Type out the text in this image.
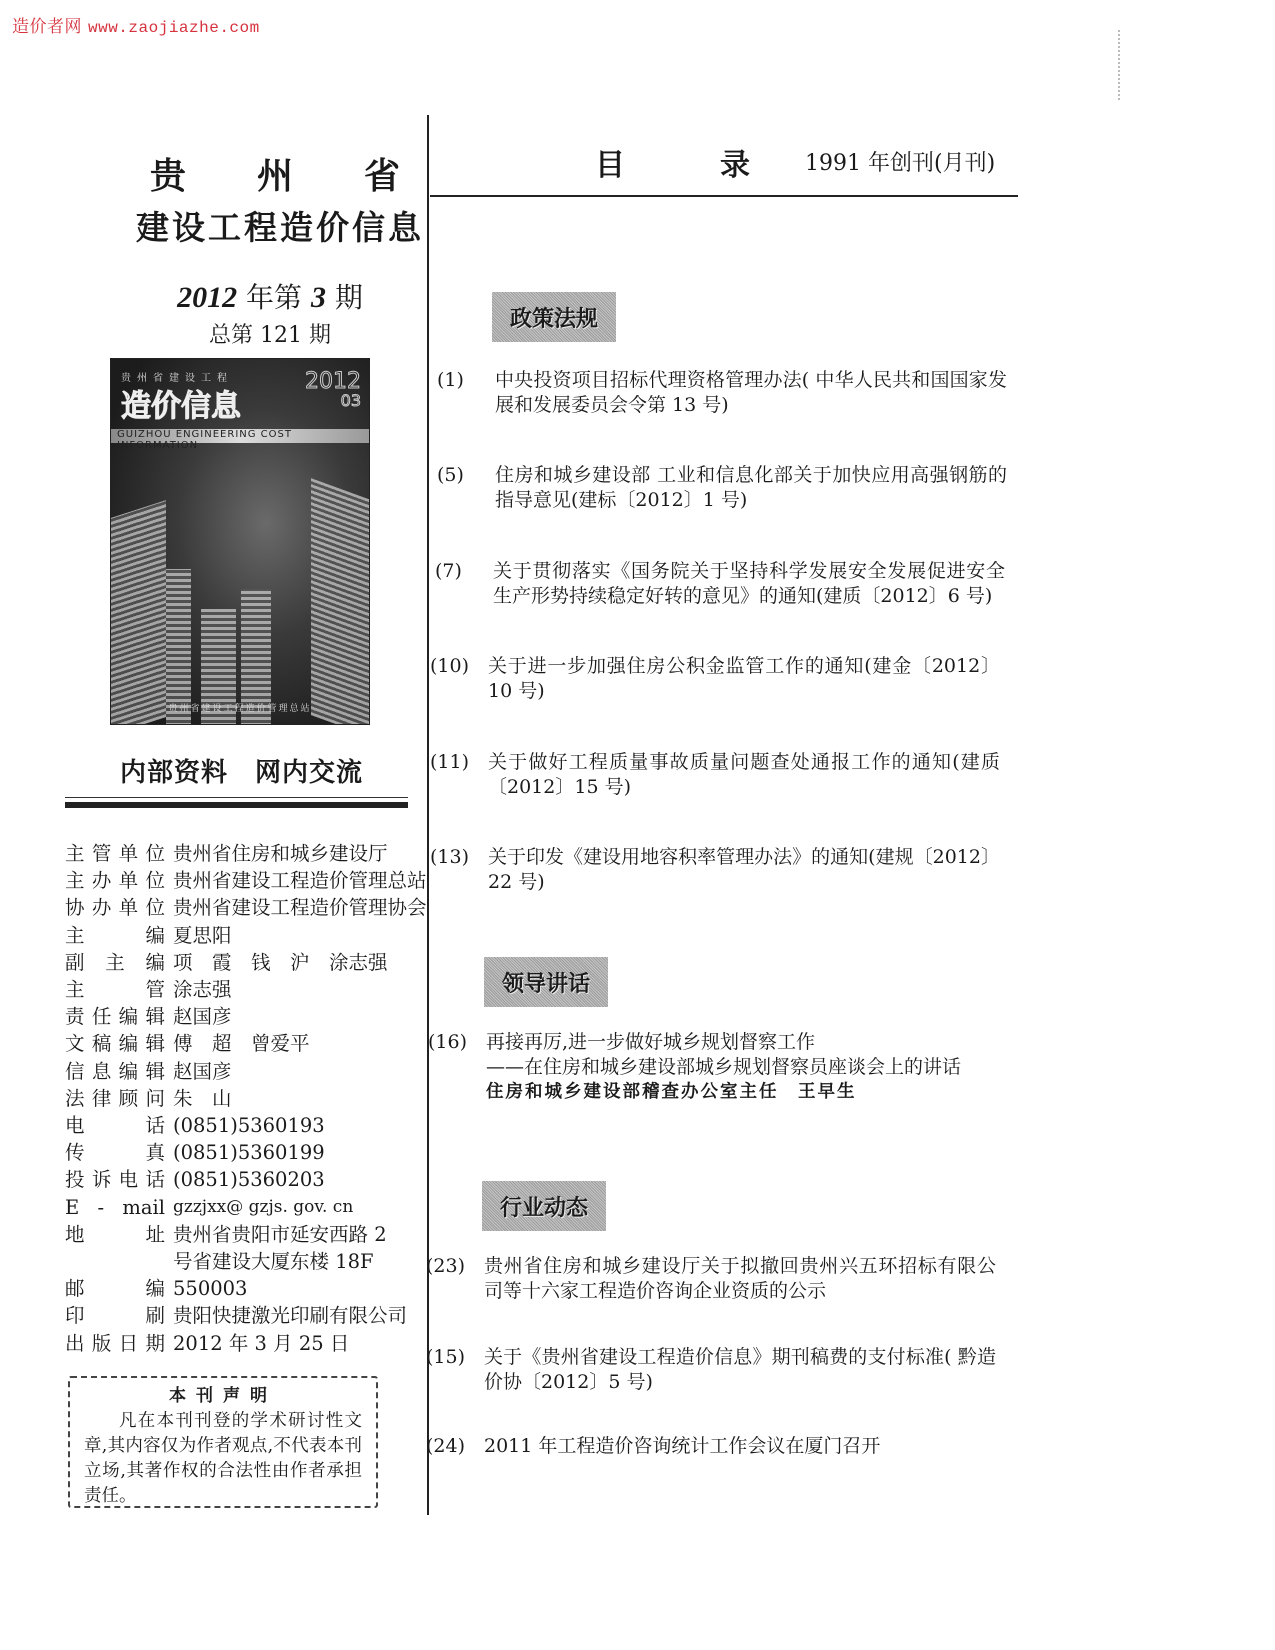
造价者网 www.zaojiazhe.com
贵 州 省
建设工程造价信息
2012 年第 3 期
总第 121 期
贵州省建设工程
造价信息
2012
03
GUIZHOU ENGINEERING COST INFORMATION
贵州省建设工程造价管理总站
内部资料　网内交流
主管单位 贵州省住房和城乡建设厅
主办单位 贵州省建设工程造价管理总站
协办单位 贵州省建设工程造价管理协会
主编 夏思阳
副主编 项　霞　钱　沪　涂志强
主管 涂志强
责任编辑 赵国彦
文稿编辑 傅　超　曾爱平
信息编辑 赵国彦
法律顾问 朱　山
电话 (0851)5360193
传真 (0851)5360199
投诉电话 (0851)5360203
E - mail gzzjxx@ gzjs. gov. cn
地址 贵州省贵阳市延安西路 2
号省建设大厦东楼 18F
邮编 550003
印刷 贵阳快捷激光印刷有限公司
出版日期 2012 年 3 月 25 日
本刊声明
凡在本刊刊登的学术研讨性文章,其内容仅为作者观点,不代表本刊立场,其著作权的合法性由作者承担责任。
目	录	1991 年创刊(月刊)
政策法规
(1)	中央投资项目招标代理资格管理办法( 中华人民共和国国家发展和发展委员会令第 13 号)
(5)	住房和城乡建设部 工业和信息化部关于加快应用高强钢筋的指导意见(建标〔2012〕1 号)
(7)	关于贯彻落实《国务院关于坚持科学发展安全发展促进安全生产形势持续稳定好转的意见》的通知(建质〔2012〕6 号)
(10) 关于进一步加强住房公积金监管工作的通知(建金〔2012〕10 号)
(11) 关于做好工程质量事故质量问题查处通报工作的通知(建质〔2012〕15 号)
(13) 关于印发《建设用地容积率管理办法》的通知(建规〔2012〕22 号)
领导讲话
(16) 再接再厉,进一步做好城乡规划督察工作
——在住房和城乡建设部城乡规划督察员座谈会上的讲话
住房和城乡建设部稽查办公室主任　王早生
行业动态
(23) 贵州省住房和城乡建设厅关于拟撤回贵州兴五环招标有限公司等十六家工程造价咨询企业资质的公示
(15) 关于《贵州省建设工程造价信息》期刊稿费的支付标准( 黔造价协〔2012〕5 号)
(24) 2011 年工程造价咨询统计工作会议在厦门召开
